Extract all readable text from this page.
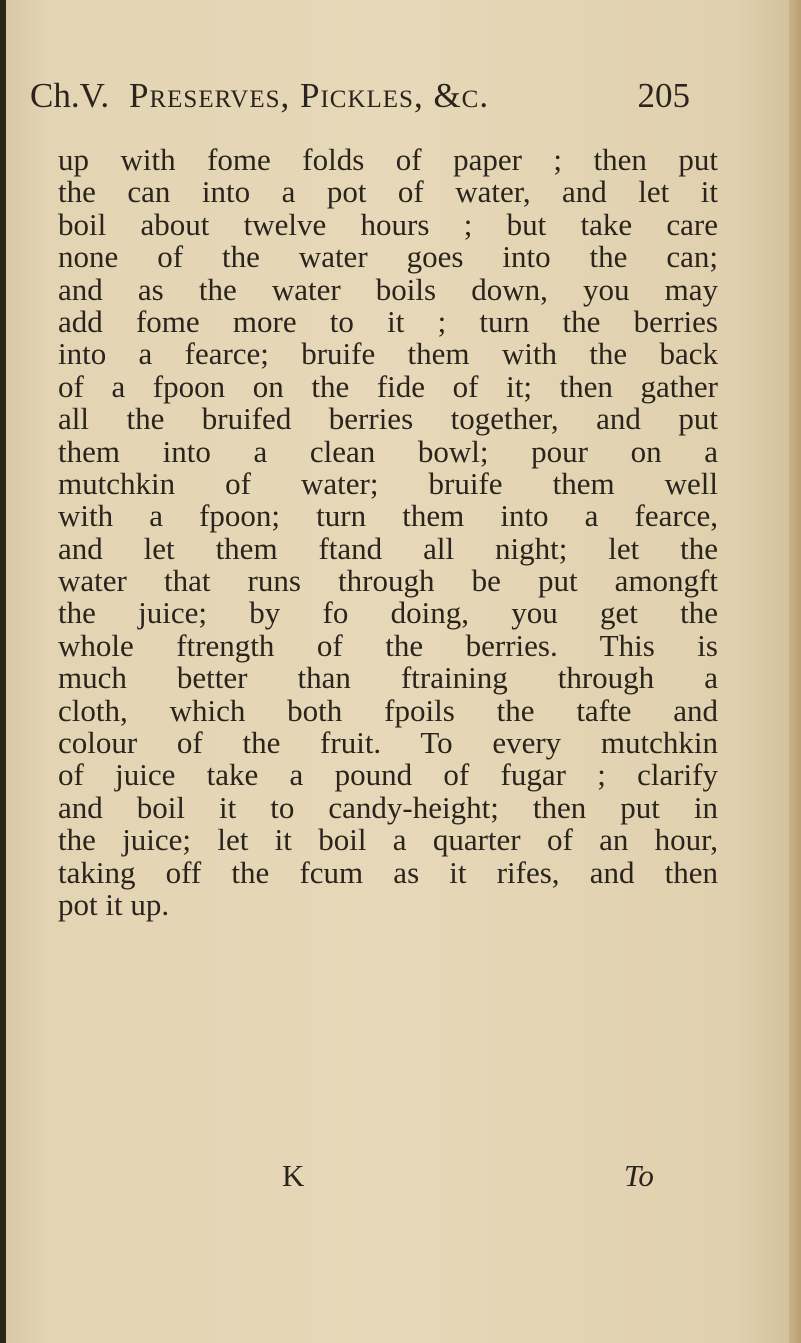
Ch.V. Preserves, Pickles, &c.	205
up with fome folds of paper ; then put
the can into a pot of water, and let it
boil about twelve hours ; but take care
none of the water goes into the can;
and as the water boils down, you may
add fome more to it ; turn the berries
into a fearce; bruife them with the back
of a fpoon on the fide of it; then gather
all the bruifed berries together, and put
them into a clean bowl; pour on a
mutchkin of water; bruife them well
with a fpoon; turn them into a fearce,
and let them ftand all night; let the
water that runs through be put amongft
the juice; by fo doing, you get the
whole ftrength of the berries. This is
much better than ftraining through a
cloth, which both fpoils the tafte and
colour of the fruit. To every mutchkin
of juice take a pound of fugar ; clarify
and boil it to candy-height; then put in
the juice; let it boil a quarter of an hour,
taking off the fcum as it rifes, and then
pot it up.
K	To
